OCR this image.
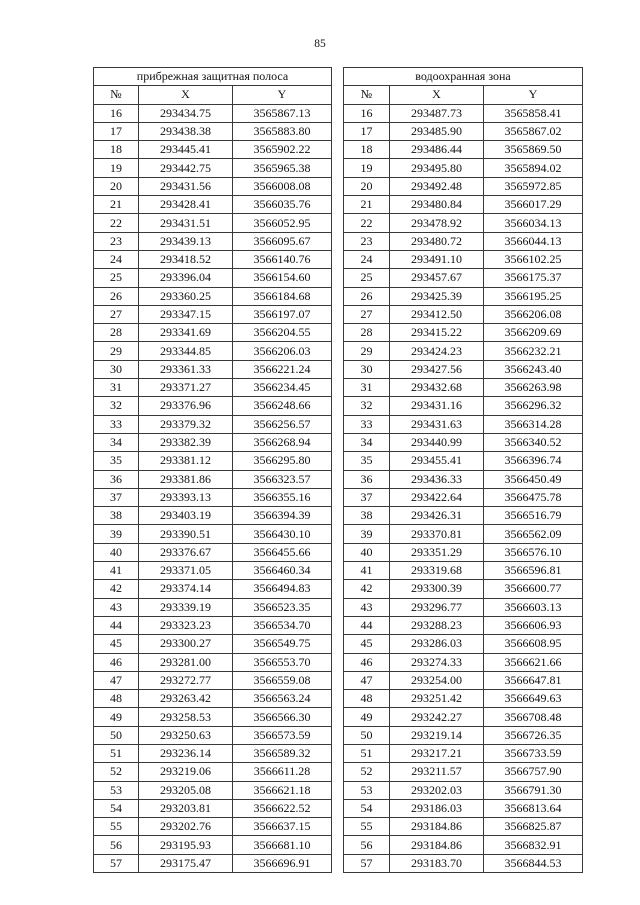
85
прибрежная защитная полоса		
№	X	Y
16	293434.75	3565867.13
17	293438.38	3565883.80
18	293445.41	3565902.22
19	293442.75	3565965.38
20	293431.56	3566008.08
21	293428.41	3566035.76
22	293431.51	3566052.95
23	293439.13	3566095.67
24	293418.52	3566140.76
25	293396.04	3566154.60
26	293360.25	3566184.68
27	293347.15	3566197.07
28	293341.69	3566204.55
29	293344.85	3566206.03
30	293361.33	3566221.24
31	293371.27	3566234.45
32	293376.96	3566248.66
33	293379.32	3566256.57
34	293382.39	3566268.94
35	293381.12	3566295.80
36	293381.86	3566323.57
37	293393.13	3566355.16
38	293403.19	3566394.39
39	293390.51	3566430.10
40	293376.67	3566455.66
41	293371.05	3566460.34
42	293374.14	3566494.83
43	293339.19	3566523.35
44	293323.23	3566534.70
45	293300.27	3566549.75
46	293281.00	3566553.70
47	293272.77	3566559.08
48	293263.42	3566563.24
49	293258.53	3566566.30
50	293250.63	3566573.59
51	293236.14	3566589.32
52	293219.06	3566611.28
53	293205.08	3566621.18
54	293203.81	3566622.52
55	293202.76	3566637.15
56	293195.93	3566681.10
57	293175.47	3566696.91
водоохранная зона		
№	X	Y
16	293487.73	3565858.41
17	293485.90	3565867.02
18	293486.44	3565869.50
19	293495.80	3565894.02
20	293492.48	3565972.85
21	293480.84	3566017.29
22	293478.92	3566034.13
23	293480.72	3566044.13
24	293491.10	3566102.25
25	293457.67	3566175.37
26	293425.39	3566195.25
27	293412.50	3566206.08
28	293415.22	3566209.69
29	293424.23	3566232.21
30	293427.56	3566243.40
31	293432.68	3566263.98
32	293431.16	3566296.32
33	293431.63	3566314.28
34	293440.99	3566340.52
35	293455.41	3566396.74
36	293436.33	3566450.49
37	293422.64	3566475.78
38	293426.31	3566516.79
39	293370.81	3566562.09
40	293351.29	3566576.10
41	293319.68	3566596.81
42	293300.39	3566600.77
43	293296.77	3566603.13
44	293288.23	3566606.93
45	293286.03	3566608.95
46	293274.33	3566621.66
47	293254.00	3566647.81
48	293251.42	3566649.63
49	293242.27	3566708.48
50	293219.14	3566726.35
51	293217.21	3566733.59
52	293211.57	3566757.90
53	293202.03	3566791.30
54	293186.03	3566813.64
55	293184.86	3566825.87
56	293184.86	3566832.91
57	293183.70	3566844.53
